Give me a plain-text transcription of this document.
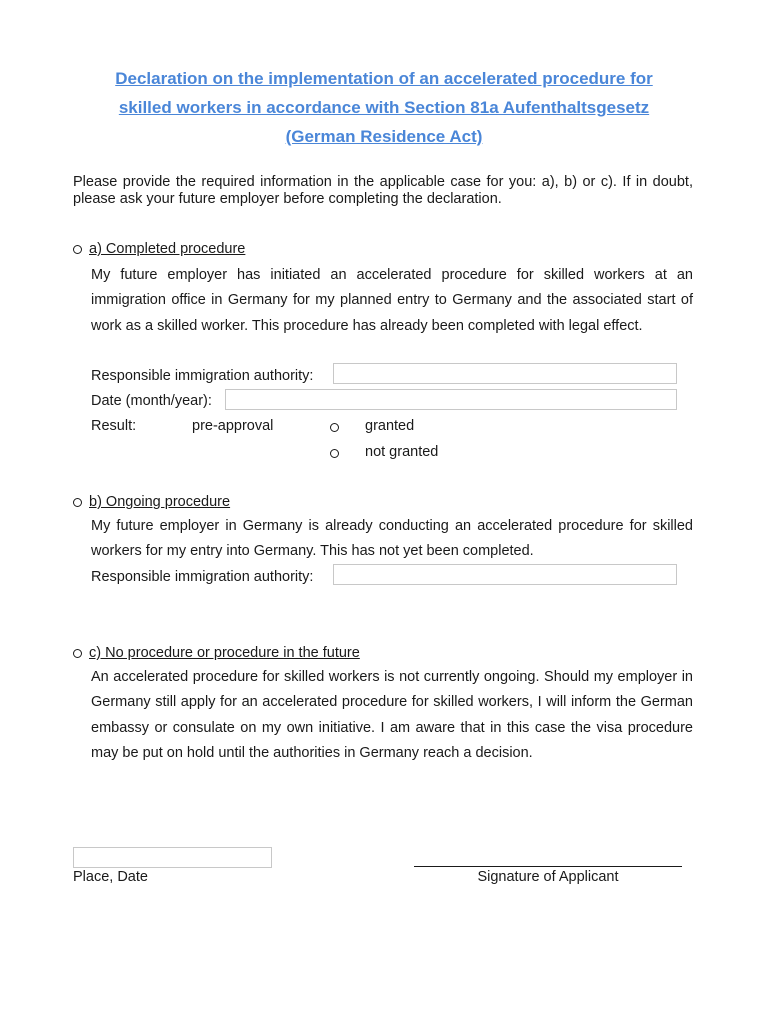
Declaration on the implementation of an accelerated procedure for
skilled workers in accordance with Section 81a Aufenthaltsgesetz
(German Residence Act)
Please provide the required information in the applicable case for you: a), b) or c). If in doubt, please ask your future employer before completing the declaration.
a) Completed procedure
My future employer has initiated an accelerated procedure for skilled workers at an immigration office in Germany for my planned entry to Germany and the associated start of work as a skilled worker. This procedure has already been completed with legal effect.
Responsible immigration authority:
Date (month/year):
Result:	pre-approval	granted
not granted
b) Ongoing procedure
My future employer in Germany is already conducting an accelerated procedure for skilled workers for my entry into Germany. This has not yet been completed.
Responsible immigration authority:
c) No procedure or procedure in the future
An accelerated procedure for skilled workers is not currently ongoing. Should my employer in Germany still apply for an accelerated procedure for skilled workers, I will inform the German embassy or consulate on my own initiative. I am aware that in this case the visa procedure may be put on hold until the authorities in Germany reach a decision.
Place, Date	Signature of Applicant
